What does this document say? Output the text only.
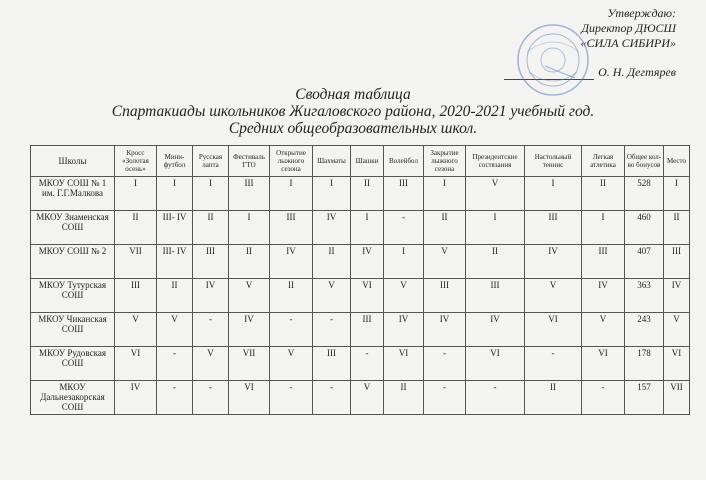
Утверждаю:
Директор ДЮСШ
«СИЛА СИБИРИ»
О. Н. Дегтярев
Сводная таблица
Спартакиады школьников Жигаловского района, 2020-2021 учебный год.
Средних общеобразовательных школ.
Школы	Кросс «Золотая осень»	Мини-футбол	Русская лапта	Фестиваль ГТО	Открытие лыжного сезона	Шахматы	Шашки	Волейбол	Закрытие лыжного сезона	Президентские состязания	Настольный теннис	Легкая атлетика	Общее кол-во бонусов	Место
МКОУ СОШ № 1 им. Г.Г.Малкова	I	I	I	III	I	I	II	III	I	V	I	II	528	I
МКОУ Знаменская СОШ	II	III- IV	II	I	III	IV	I	-	II	I	III	I	460	II
МКОУ СОШ № 2	VII	III- IV	III	II	IV	II	IV	I	V	II	IV	III	407	III
МКОУ Тутурская СОШ	III	II	IV	V	II	V	VI	V	III	III	V	IV	363	IV
МКОУ Чиканская СОШ	V	V	-	IV	-	-	III	IV	IV	IV	VI	V	243	V
МКОУ Рудовская СОШ	VI	-	V	VII	V	III	-	VI	-	VI	-	VI	178	VI
МКОУ Дальнезакорская СОШ	IV	-	-	VI	-	-	V	II	-	-	II	-	157	VII
